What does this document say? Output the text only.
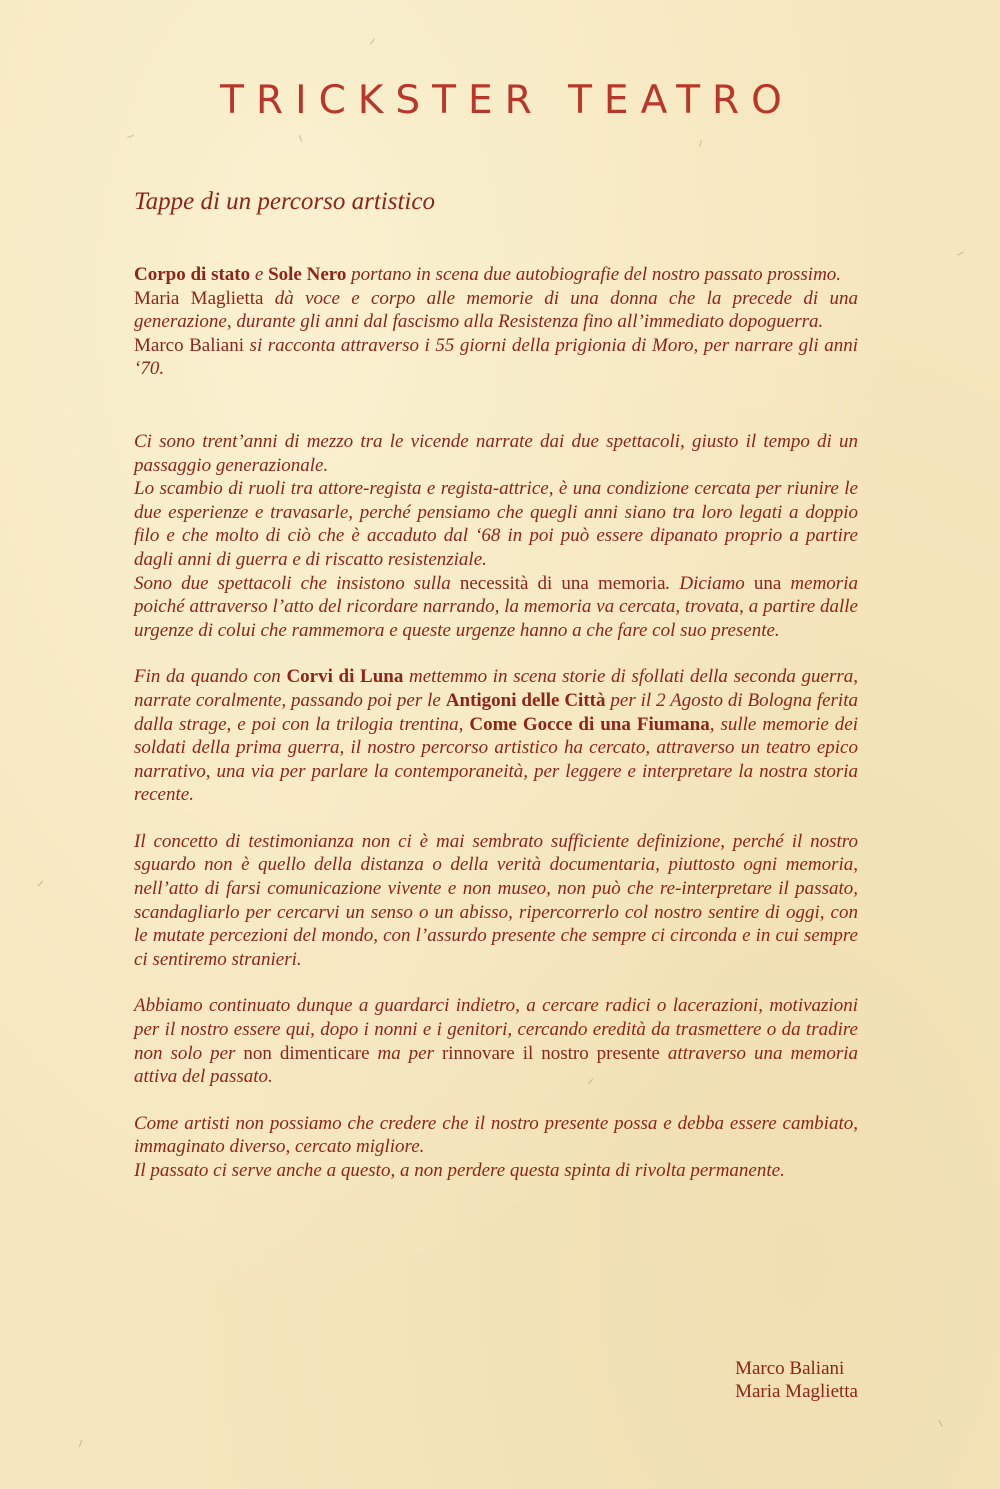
TRICKSTER TEATRO
Tappe di un percorso artistico

Corpo di stato e Sole Nero portano in scena due autobiografie del nostro passato prossimo.

Maria Maglietta dà voce e corpo alle memorie di una donna che la precede di una generazione, durante gli anni dal fascismo alla Resistenza fino all’immediato dopoguerra.

Marco Baliani si racconta attraverso i 55 giorni della prigionia di Moro, per narrare gli anni ‘70.

Ci sono trent’anni di mezzo tra le vicende narrate dai due spettacoli, giusto il tempo di un passaggio generazionale.

Lo scambio di ruoli tra attore-regista e regista-attrice, è una condizione cercata per riunire le due esperienze e travasarle, perché pensiamo che quegli anni siano tra loro legati a doppio filo e che molto di ciò che è accaduto dal ‘68 in poi può essere dipanato proprio a partire dagli anni di guerra e di riscatto resistenziale.

Sono due spettacoli che insistono sulla necessità di una memoria. Diciamo una memoria poiché attraverso l’atto del ricordare narrando, la memoria va cercata, trovata, a partire dalle urgenze di colui che rammemora e queste urgenze hanno a che fare col suo presente.

Fin da quando con Corvi di Luna mettemmo in scena storie di sfollati della seconda guerra, narrate coralmente, passando poi per le Antigoni delle Città per il 2 Agosto di Bologna ferita dalla strage, e poi con la trilogia trentina, Come Gocce di una Fiumana, sulle memorie dei soldati della prima guerra, il nostro percorso artistico ha cercato, attraverso un teatro epico narrativo, una via per parlare la contemporaneità, per leggere e interpretare la nostra storia recente.

Il concetto di testimonianza non ci è mai sembrato sufficiente definizione, perché il nostro sguardo non è quello della distanza o della verità documentaria, piuttosto ogni memoria, nell’atto di farsi comunicazione vivente e non museo, non può che re-interpretare il passato, scandagliarlo per cercarvi un senso o un abisso, ripercorrerlo col nostro sentire di oggi, con le mutate percezioni del mondo, con l’assurdo presente che sempre ci circonda e in cui sempre ci sentiremo stranieri.

Abbiamo continuato dunque a guardarci indietro, a cercare radici o lacerazioni, motivazioni per il nostro essere qui, dopo i nonni e i genitori, cercando eredità da trasmettere o da tradire non solo per non dimenticare ma per rinnovare il nostro presente attraverso una memoria attiva del passato.

Come artisti non possiamo che credere che il nostro presente possa e debba essere cambiato, immaginato diverso, cercato migliore.

Il passato ci serve anche a questo, a non perdere questa spinta di rivolta permanente.

Marco Baliani
Maria Maglietta
